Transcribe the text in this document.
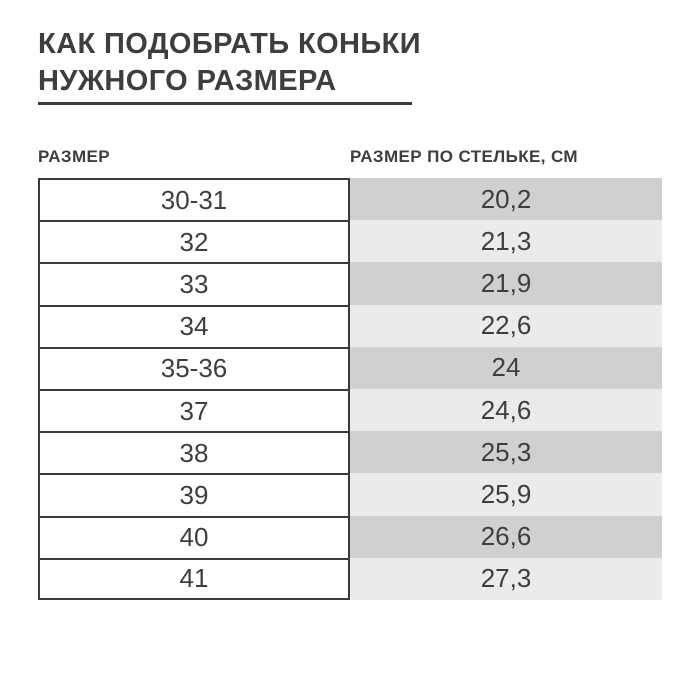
КАК ПОДОБРАТЬ КОНЬКИ
НУЖНОГО РАЗМЕРА
РАЗМЕР	РАЗМЕР ПО СТЕЛЬКЕ, СМ
30-31	20,2
32	21,3
33	21,9
34	22,6
35-36	24
37	24,6
38	25,3
39	25,9
40	26,6
41	27,3
